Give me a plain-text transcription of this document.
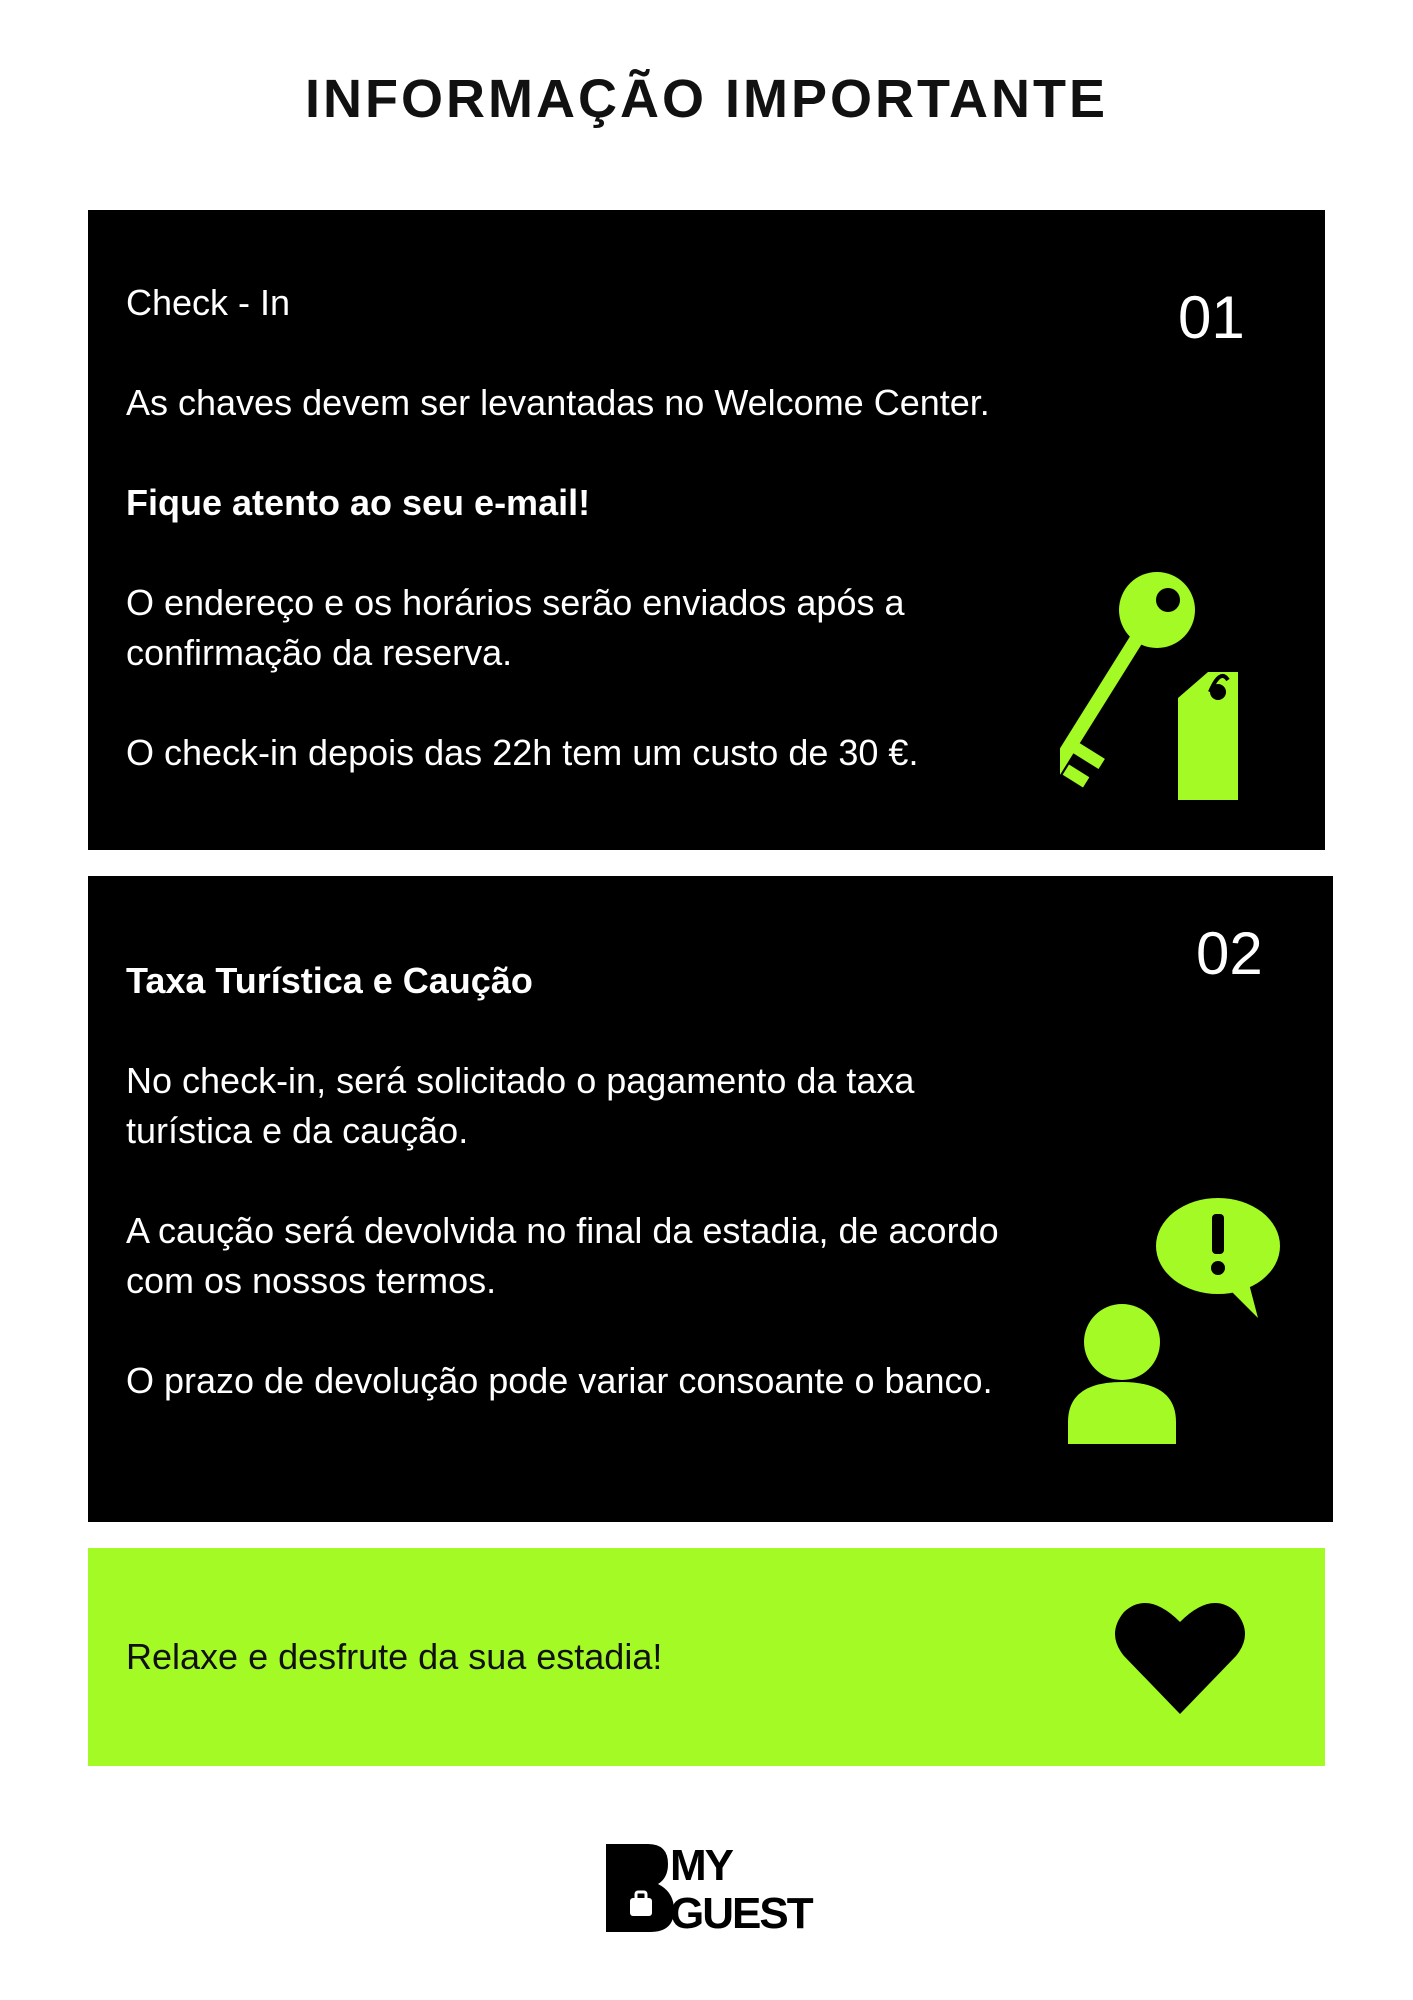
INFORMAÇÃO IMPORTANTE

Check - In	01

As chaves devem ser levantadas no Welcome Center.

Fique atento ao seu e-mail!

O endereço e os horários serão enviados após a confirmação da reserva.

O check-in depois das 22h tem um custo de 30 €.

02

Taxa Turística e Caução

No check-in, será solicitado o pagamento da taxa turística e da caução.

A caução será devolvida no final da estadia, de acordo com os nossos termos.

O prazo de devolução pode variar consoante o banco.

Relaxe e desfrute da sua estadia!

MY
GUEST
